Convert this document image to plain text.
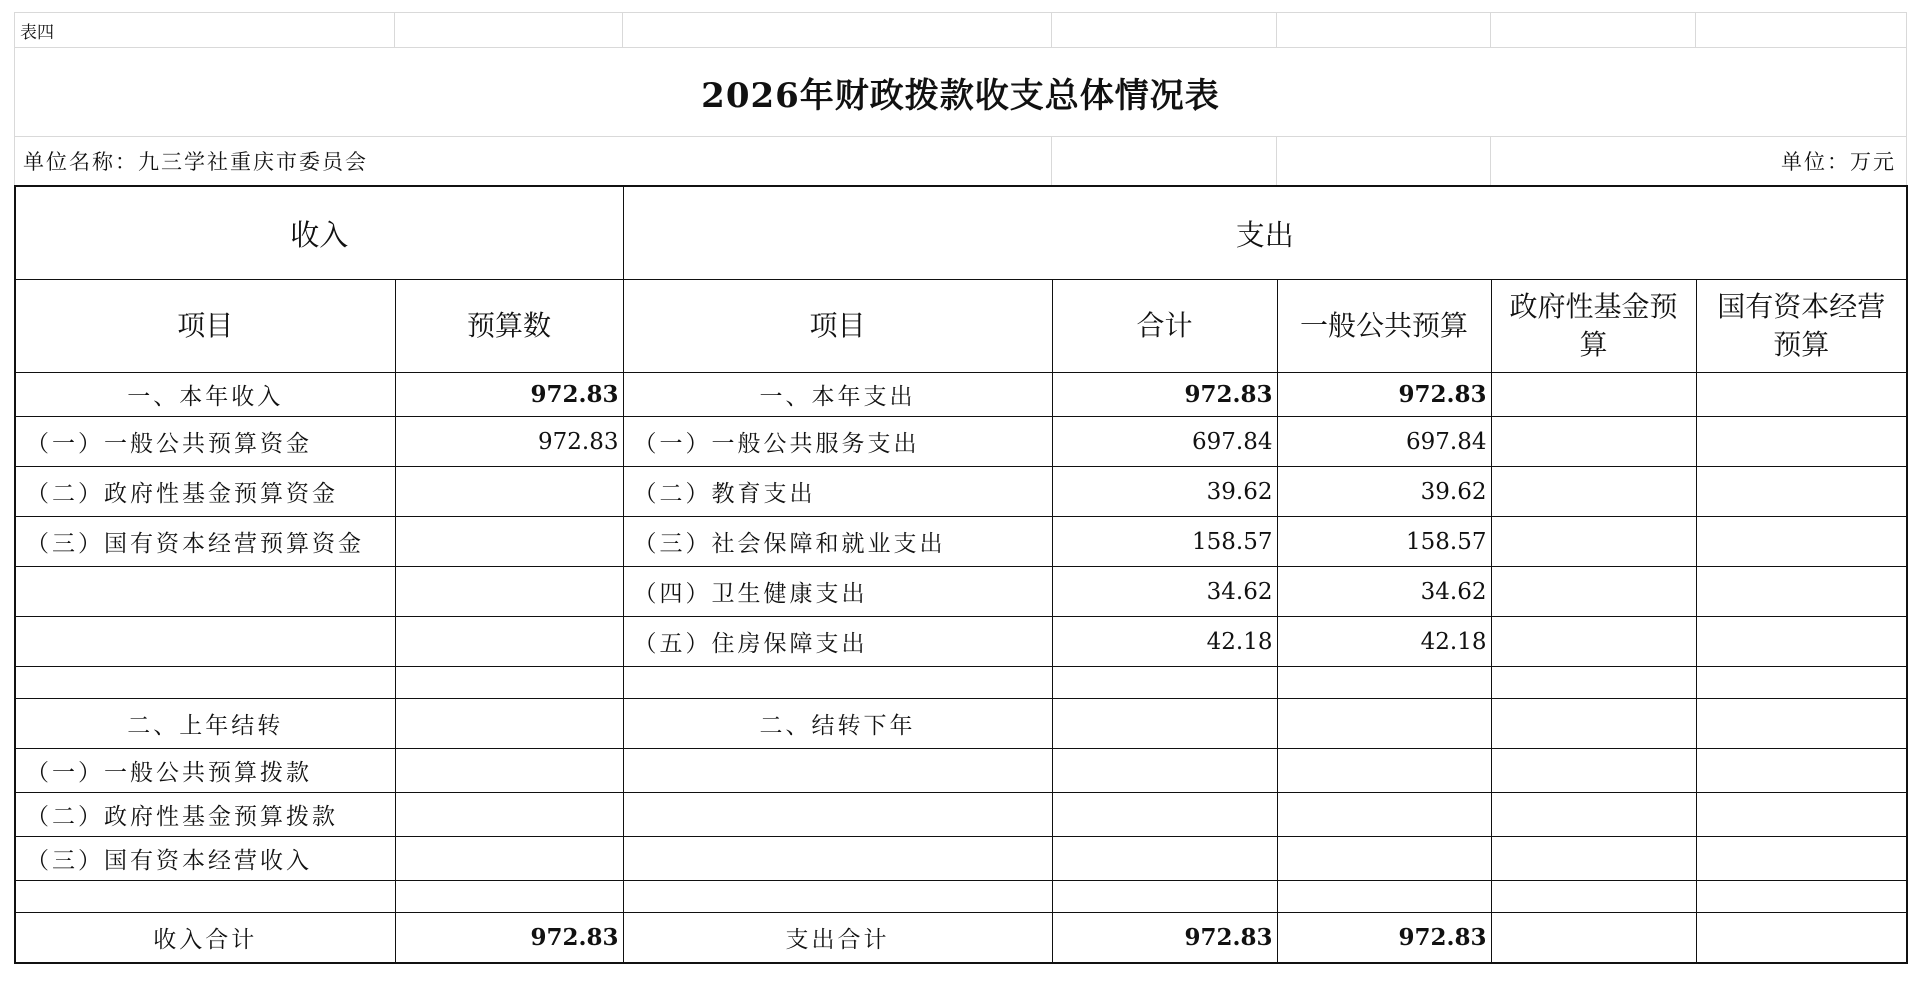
表四						
2026年财政拨款收支总体情况表						
单位名称：九三学社重庆市委员会					单位：万元	
收入		支出				
项目	预算数	项目	合计	一般公共预算	政府性基金预算	国有资本经营预算
一、本年收入	972.83	一、本年支出	972.83	972.83		
（一）一般公共预算资金	972.83	（一）一般公共服务支出	697.84	697.84		
（二）政府性基金预算资金		（二）教育支出	39.62	39.62		
（三）国有资本经营预算资金		（三）社会保障和就业支出	158.57	158.57		
		（四）卫生健康支出	34.62	34.62		
		（五）住房保障支出	42.18	42.18		

二、上年结转		二、结转下年				
（一）一般公共预算拨款						
（二）政府性基金预算拨款						
（三）国有资本经营收入						

收入合计	972.83	支出合计	972.83	972.83		
